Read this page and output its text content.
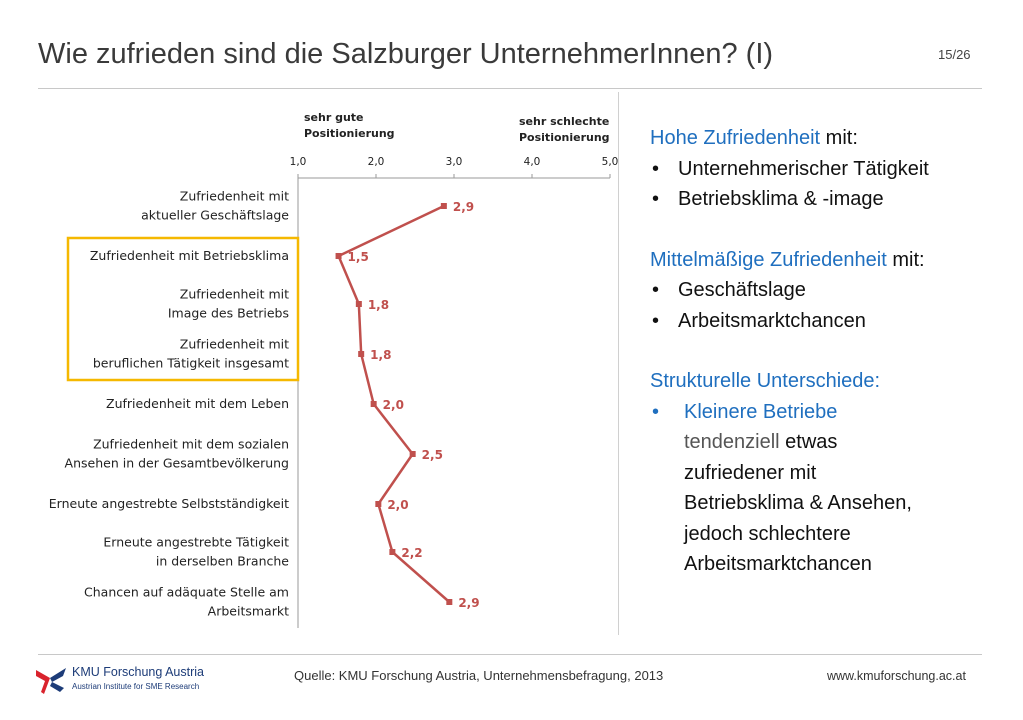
Wie zufrieden sind die Salzburger UnternehmerInnen? (I)	15/26
sehr gute
Positionierung
sehr schlechte
Positionierung
1,0	2,0	3,0	4,0	5,0
Zufriedenheit mit
aktueller Geschäftslage
Zufriedenheit mit Betriebsklima
Zufriedenheit mit
Image des Betriebs
Zufriedenheit mit
beruflichen Tätigkeit insgesamt
Zufriedenheit mit dem Leben
Zufriedenheit mit dem sozialen
Ansehen in der Gesamtbevölkerung
Erneute angestrebte Selbstständigkeit
Erneute angestrebte Tätigkeit
in derselben Branche
Chancen auf adäquate Stelle am
Arbeitsmarkt
2,9
1,5
1,8
1,8
2,0
2,5
2,0
2,2
2,9
Hohe Zufriedenheit mit:
• Unternehmerischer Tätigkeit
• Betriebsklima & -image
Mittelmäßige Zufriedenheit mit:
• Geschäftslage
• Arbeitsmarktchancen
Strukturelle Unterschiede:
•	Kleinere Betriebe
tendenziell etwas
zufriedener mit
Betriebsklima & Ansehen,
jedoch schlechtere
Arbeitsmarktchancen
KMU Forschung Austria
Austrian Institute for SME Research
Quelle: KMU Forschung Austria, Unternehmensbefragung, 2013	www.kmuforschung.ac.at
